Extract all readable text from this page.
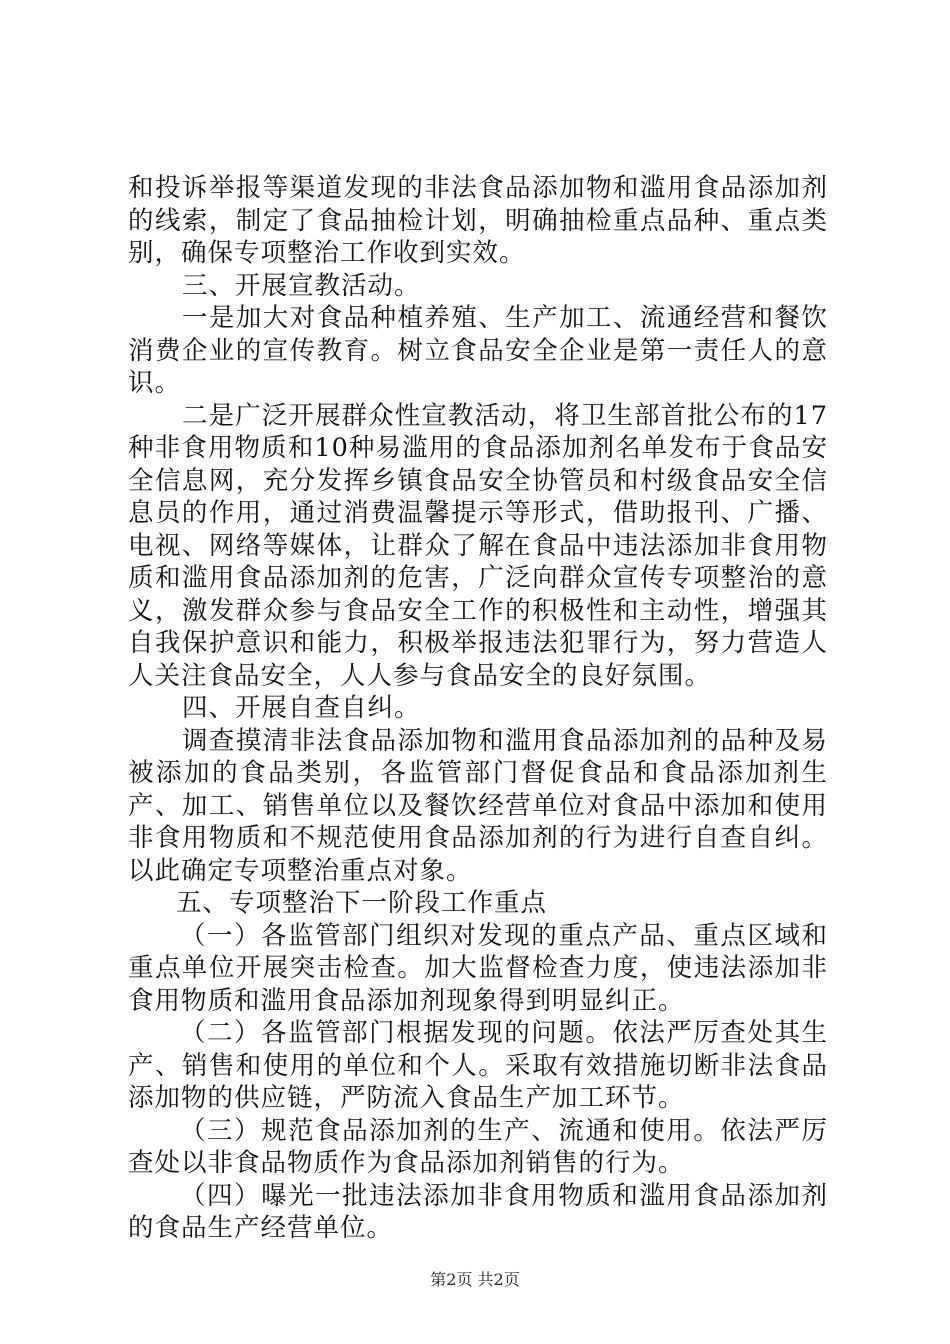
和投诉举报等渠道发现的非法食品添加物和滥用食品添加剂的线索，制定了食品抽检计划，明确抽检重点品种、重点类别，确保专项整治工作收到实效。

三、开展宣教活动。

一是加大对食品种植养殖、生产加工、流通经营和餐饮消费企业的宣传教育。树立食品安全企业是第一责任人的意识。

二是广泛开展群众性宣教活动，将卫生部首批公布的17种非食用物质和10种易滥用的食品添加剂名单发布于食品安全信息网，充分发挥乡镇食品安全协管员和村级食品安全信息员的作用，通过消费温馨提示等形式，借助报刊、广播、电视、网络等媒体，让群众了解在食品中违法添加非食用物质和滥用食品添加剂的危害，广泛向群众宣传专项整治的意义，激发群众参与食品安全工作的积极性和主动性，增强其自我保护意识和能力，积极举报违法犯罪行为，努力营造人人关注食品安全，人人参与食品安全的良好氛围。

四、开展自查自纠。

调查摸清非法食品添加物和滥用食品添加剂的品种及易被添加的食品类别，各监管部门督促食品和食品添加剂生产、加工、销售单位以及餐饮经营单位对食品中添加和使用非食用物质和不规范使用食品添加剂的行为进行自查自纠。以此确定专项整治重点对象。

五、专项整治下一阶段工作重点

（一）各监管部门组织对发现的重点产品、重点区域和重点单位开展突击检查。加大监督检查力度，使违法添加非食用物质和滥用食品添加剂现象得到明显纠正。

（二）各监管部门根据发现的问题。依法严厉查处其生产、销售和使用的单位和个人。采取有效措施切断非法食品添加物的供应链，严防流入食品生产加工环节。

（三）规范食品添加剂的生产、流通和使用。依法严厉查处以非食品物质作为食品添加剂销售的行为。

（四）曝光一批违法添加非食用物质和滥用食品添加剂的食品生产经营单位。

第2页 共2页
